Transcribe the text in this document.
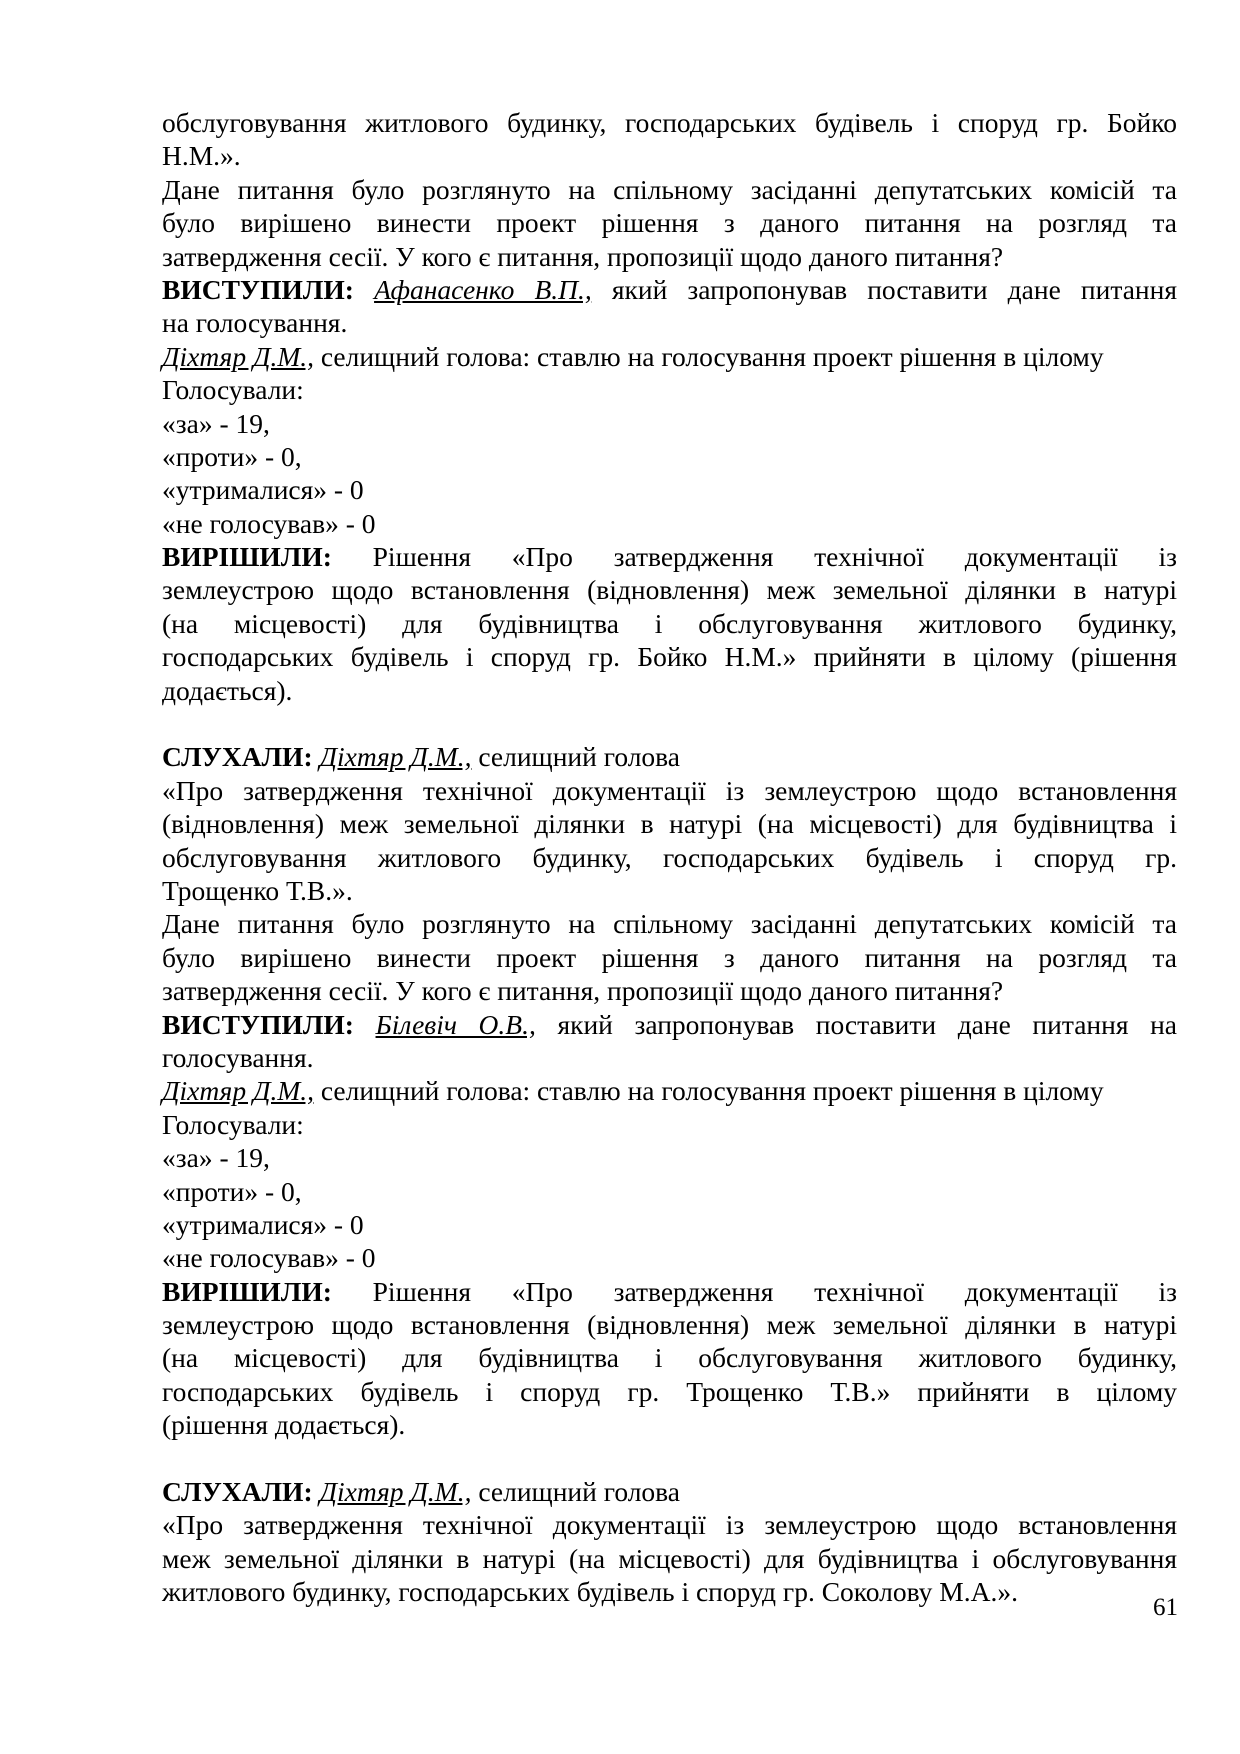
обслуговування житлового будинку, господарських будівель і споруд гр. Бойко
Н.М.».
Дане питання було розглянуто на спільному засіданні депутатських комісій та
було вирішено винести проект рішення з даного питання на розгляд та
затвердження сесії. У кого є питання, пропозиції щодо даного питання?
ВИСТУПИЛИ: Афанасенко В.П., який запропонував поставити дане питання
на голосування.
Діхтяр Д.М., селищний голова: ставлю на голосування проект рішення в цілому
Голосували:
«за» - 19,
«проти» - 0,
«утрималися» - 0
«не голосував» - 0
ВИРІШИЛИ: Рішення «Про затвердження технічної документації із
землеустрою щодо встановлення (відновлення) меж земельної ділянки в натурі
(на місцевості) для будівництва і обслуговування житлового будинку,
господарських будівель і споруд гр. Бойко Н.М.» прийняти в цілому (рішення
додається).
СЛУХАЛИ: Діхтяр Д.М., селищний голова
«Про затвердження технічної документації із землеустрою щодо встановлення
(відновлення) меж земельної ділянки в натурі (на місцевості) для будівництва і
обслуговування житлового будинку, господарських будівель і споруд гр.
Трощенко Т.В.».
Дане питання було розглянуто на спільному засіданні депутатських комісій та
було вирішено винести проект рішення з даного питання на розгляд та
затвердження сесії. У кого є питання, пропозиції щодо даного питання?
ВИСТУПИЛИ: Білевіч О.В., який запропонував поставити дане питання на
голосування.
Діхтяр Д.М., селищний голова: ставлю на голосування проект рішення в цілому
Голосували:
«за» - 19,
«проти» - 0,
«утрималися» - 0
«не голосував» - 0
ВИРІШИЛИ: Рішення «Про затвердження технічної документації із
землеустрою щодо встановлення (відновлення) меж земельної ділянки в натурі
(на місцевості) для будівництва і обслуговування житлового будинку,
господарських будівель і споруд гр. Трощенко Т.В.» прийняти в цілому
(рішення додається).
СЛУХАЛИ: Діхтяр Д.М., селищний голова
«Про затвердження технічної документації із землеустрою щодо встановлення
меж земельної ділянки в натурі (на місцевості) для будівництва і обслуговування
житлового будинку, господарських будівель і споруд гр. Соколову М.А.».
61
